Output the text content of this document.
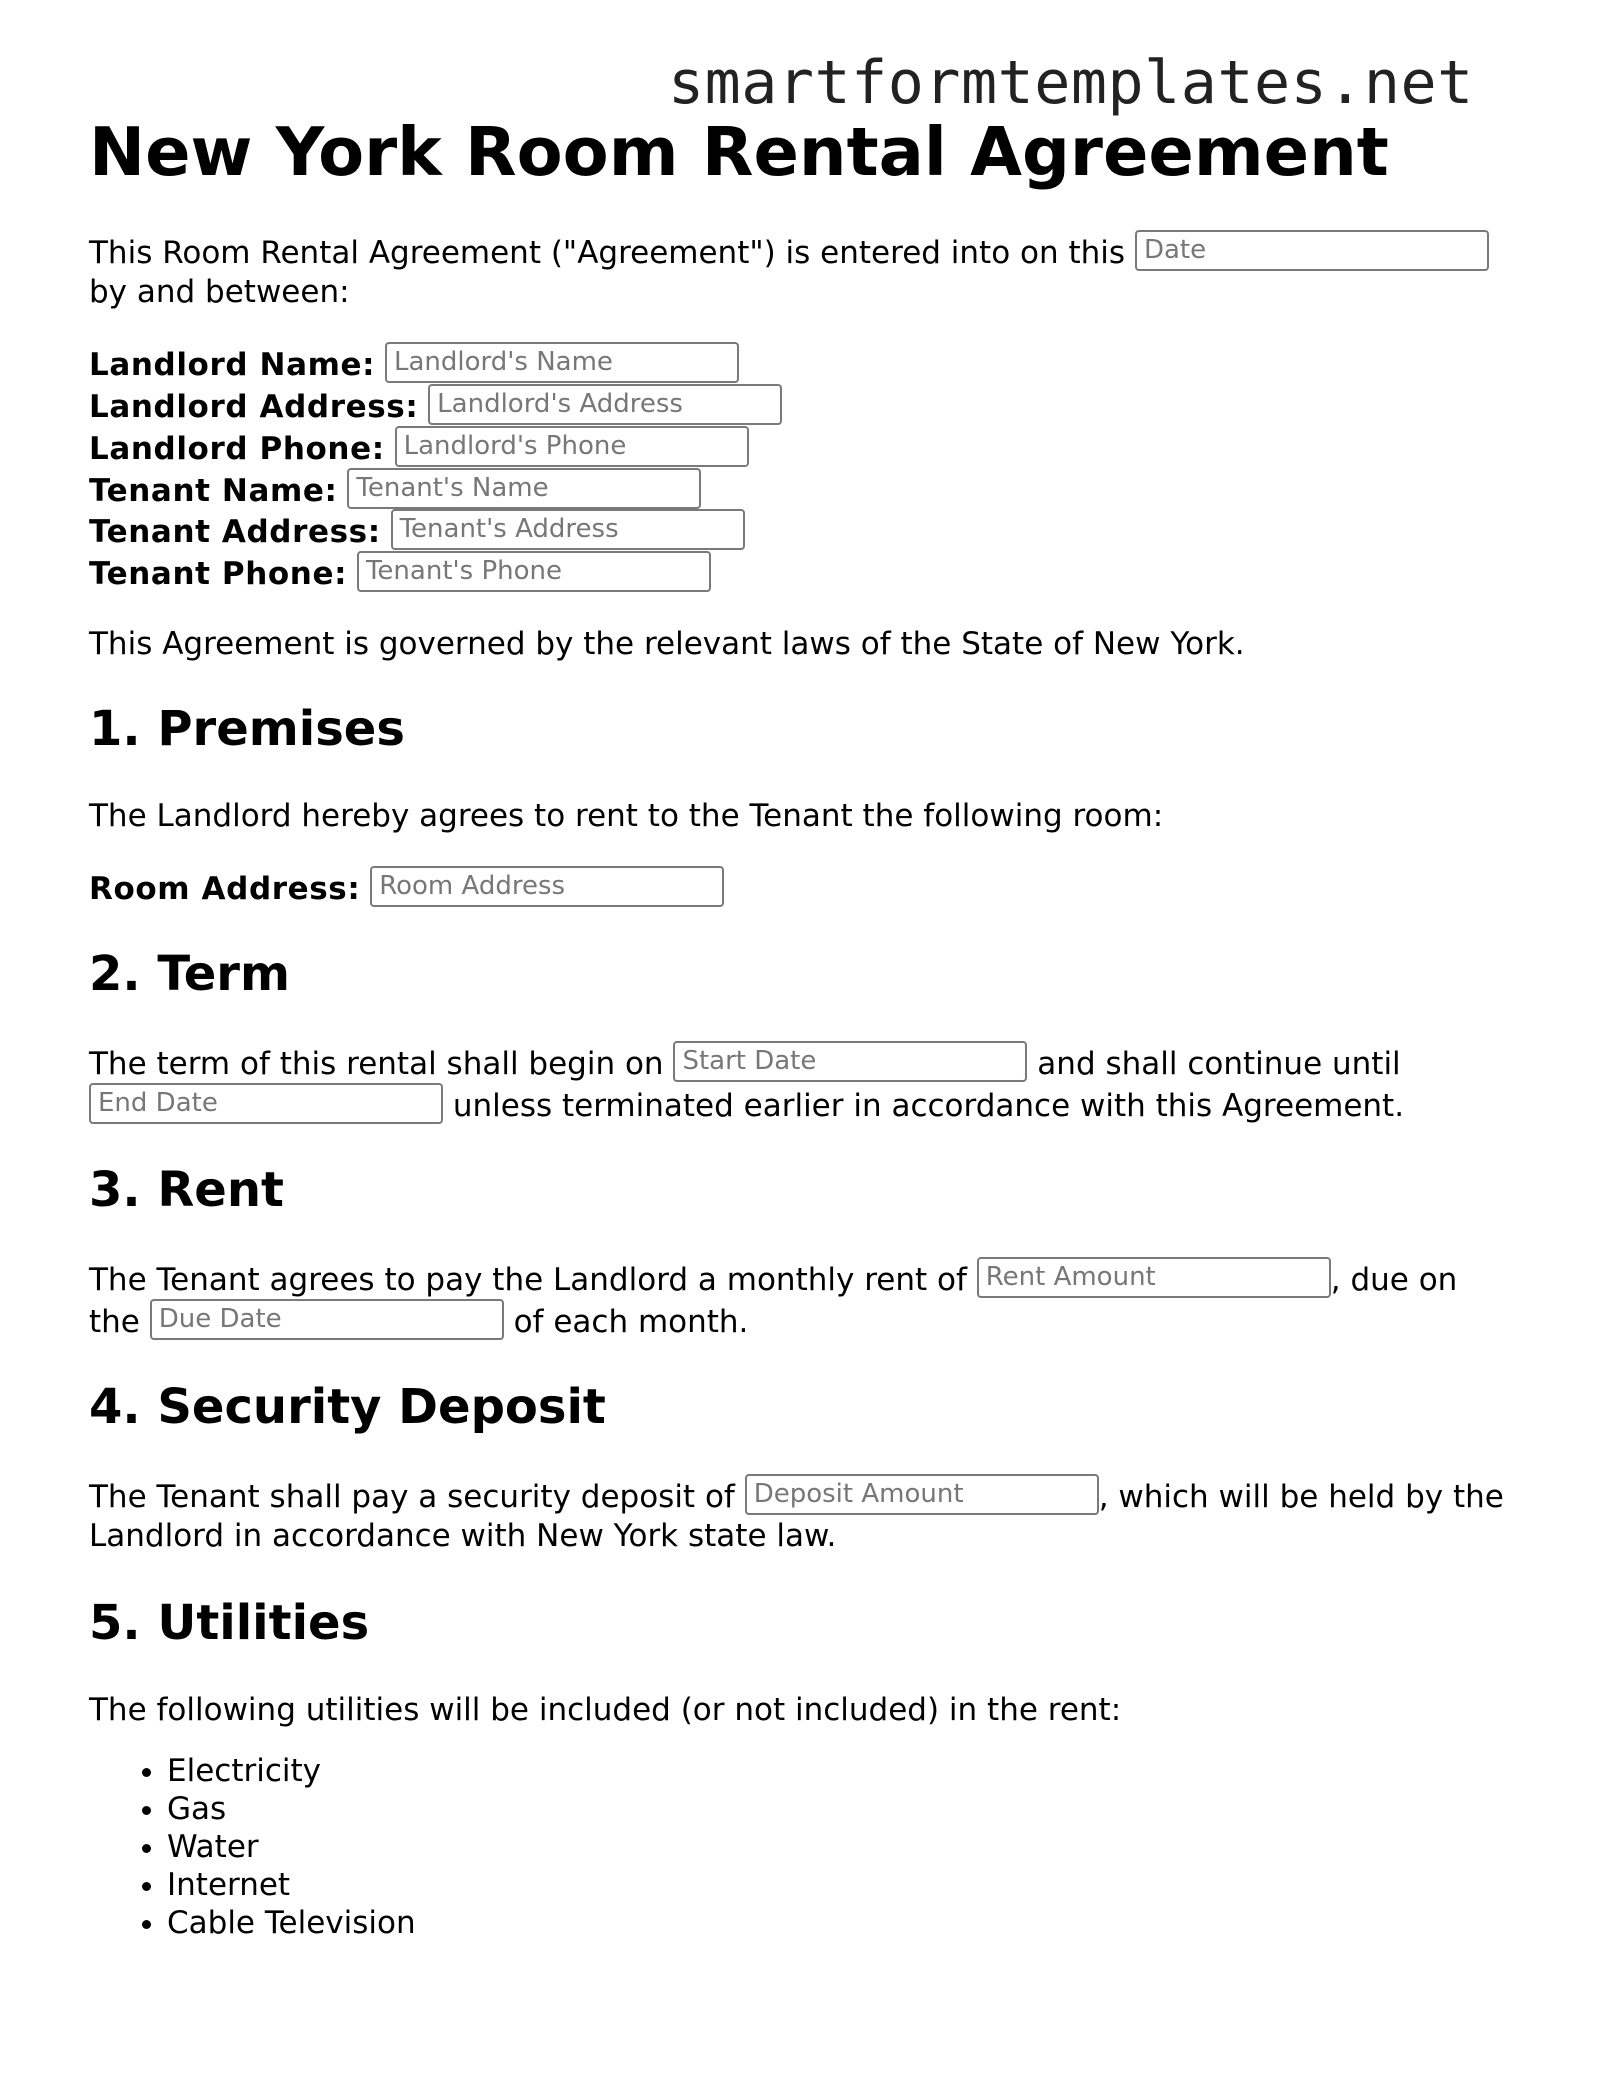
smartformtemplates.net
New York Room Rental Agreement

This Room Rental Agreement ("Agreement") is entered into on this Date

by and between:

Landlord Name: Landlord's Name

Landlord Address: Landlord's Address

Landlord Phone: Landlord's Phone

Tenant Name: Tenant's Name

Tenant Address: Tenant's Address

Tenant Phone: Tenant's Phone

This Agreement is governed by the relevant laws of the State of New York.

1. Premises

The Landlord hereby agrees to rent to the Tenant the following room:

Room Address: Room Address

2. Term

The term of this rental shall begin on Start Date	and shall continue until

End Date unless terminated earlier in accordance with this Agreement.

3. Rent

The Tenant agrees to pay the Landlord a monthly rent of Rent Amount	, due on

the Due Date	of each month.

4. Security Deposit

The Tenant shall pay a security deposit of Deposit Amount	, which will be held by the

Landlord in accordance with New York state law.

5. Utilities

The following utilities will be included (or not included) in the rent:

• Electricity
• Gas
• Water
• Internet
• Cable Television
